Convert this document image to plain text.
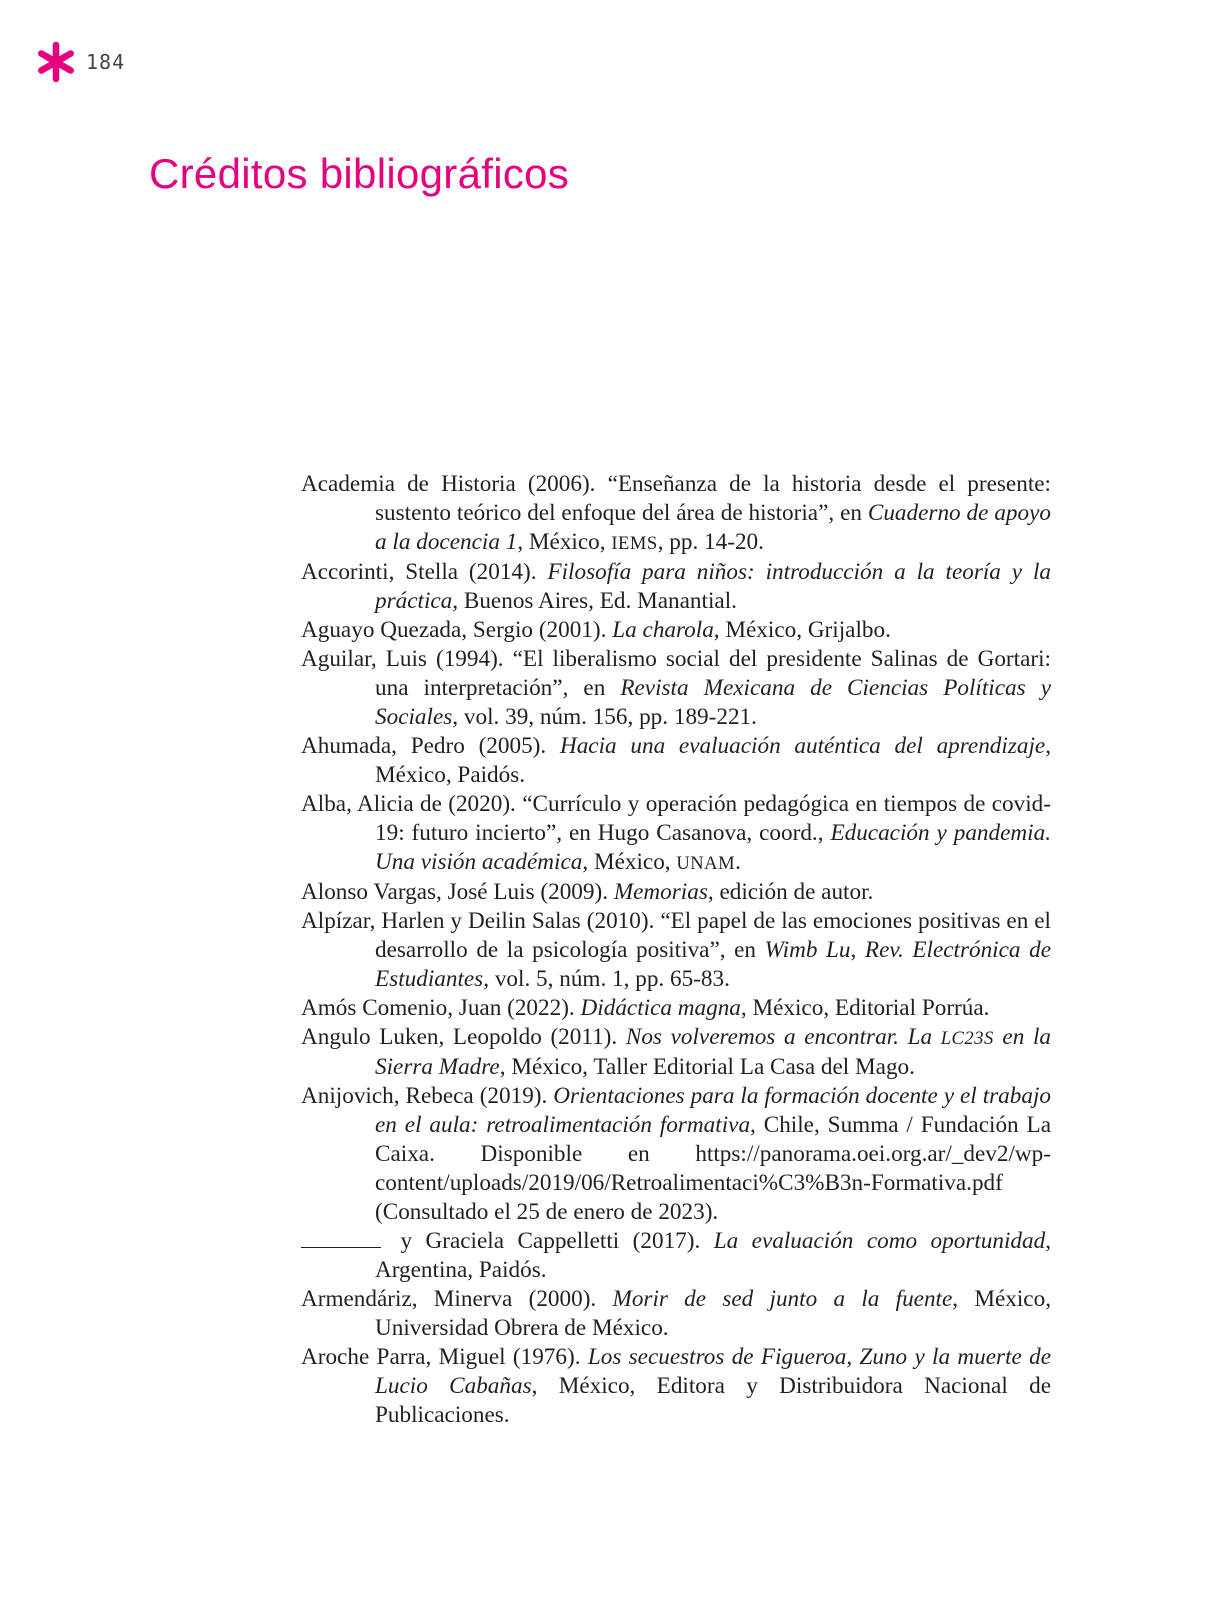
184
Créditos bibliográficos

Academia de Historia (2006). “Enseñanza de la historia desde el presente: sustento teórico del enfoque del área de historia”, en Cuaderno de apoyo a la docencia 1, México, IEMS, pp. 14-20.

Accorinti, Stella (2014). Filosofía para niños: introducción a la teoría y la práctica, Buenos Aires, Ed. Manantial.

Aguayo Quezada, Sergio (2001). La charola, México, Grijalbo.

Aguilar, Luis (1994). “El liberalismo social del presidente Salinas de Gortari: una interpretación”, en Revista Mexicana de Ciencias Políticas y Sociales, vol. 39, núm. 156, pp. 189-221.

Ahumada, Pedro (2005). Hacia una evaluación auténtica del aprendizaje, México, Paidós.

Alba, Alicia de (2020). “Currículo y operación pedagógica en tiempos de covid-19: futuro incierto”, en Hugo Casanova, coord., Educación y pandemia. Una visión académica, México, UNAM.

Alonso Vargas, José Luis (2009). Memorias, edición de autor.

Alpízar, Harlen y Deilin Salas (2010). “El papel de las emociones positivas en el desarrollo de la psicología positiva”, en Wimb Lu, Rev. Electrónica de Estudiantes, vol. 5, núm. 1, pp. 65-83.

Amós Comenio, Juan (2022). Didáctica magna, México, Editorial Porrúa.

Angulo Luken, Leopoldo (2011). Nos volveremos a encontrar. La LC23S en la Sierra Madre, México, Taller Editorial La Casa del Mago.

Anijovich, Rebeca (2019). Orientaciones para la formación docente y el trabajo en el aula: retroalimentación formativa, Chile, Summa / Fundación La Caixa. Disponible en https://panorama.oei.org.ar/_dev2/wp-content/uploads/2019/06/Retroalimentaci%C3%B3n-Formativa.pdf (Consultado el 25 de enero de 2023).

y Graciela Cappelletti (2017). La evaluación como oportunidad, Argentina, Paidós.

Armendáriz, Minerva (2000). Morir de sed junto a la fuente, México, Universidad Obrera de México.

Aroche Parra, Miguel (1976). Los secuestros de Figueroa, Zuno y la muerte de Lucio Cabañas, México, Editora y Distribuidora Nacional de Publicaciones.
